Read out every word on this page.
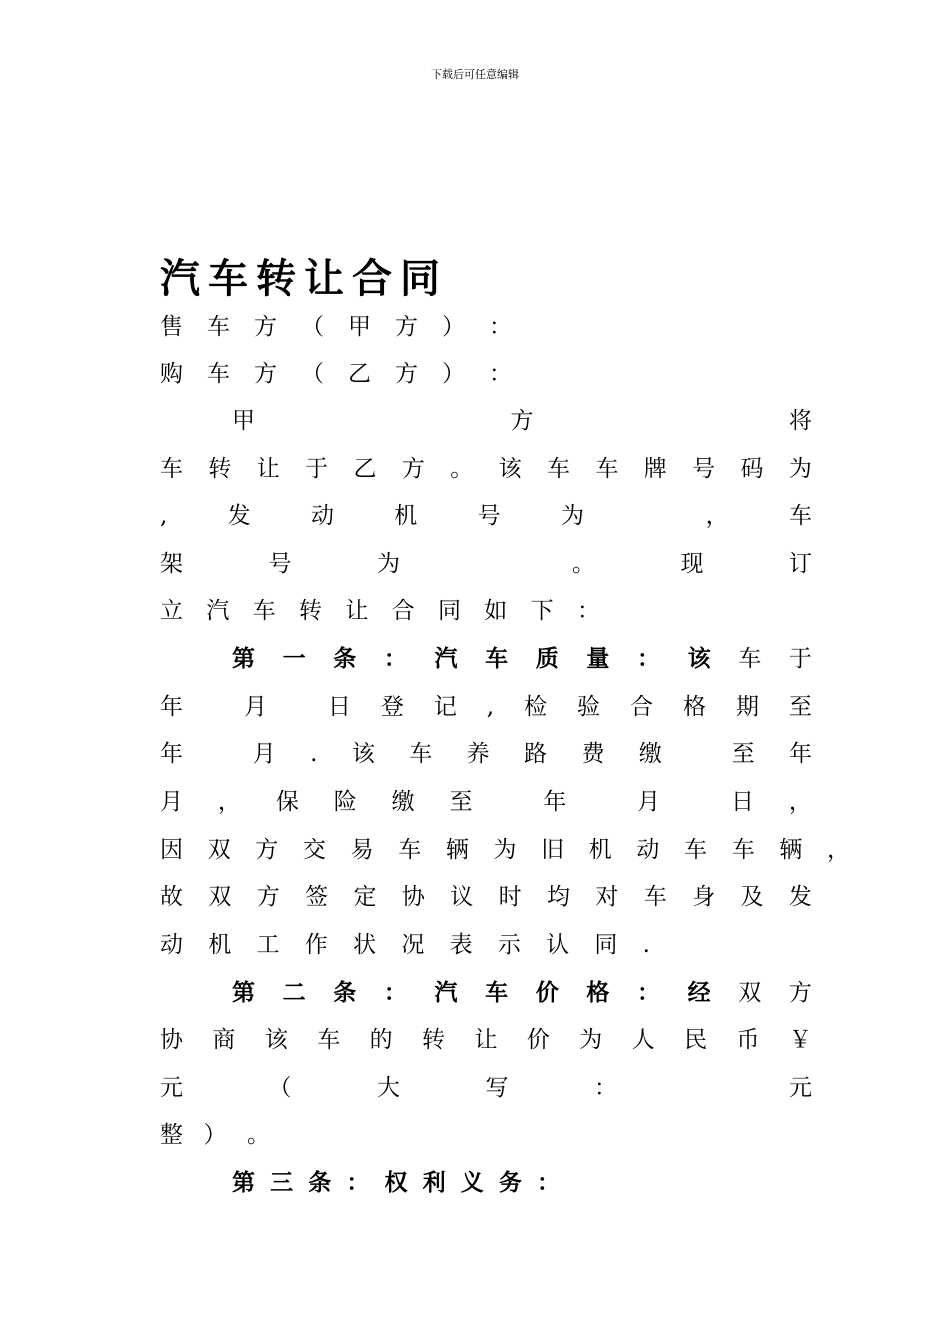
下载后可任意编辑
汽车转让合同
售 车 方 （ 甲 方 ） ：
购 车 方 （ 乙 方 ） ：
甲	方	将
车 转 让 于 乙 方 。 该 车 车 牌 号 码 为
,	发	动	机	号	为	，	车
架	号	为	。	现	订
立 汽 车 转 让 合 同 如 下 ：
第 一 条 ： 汽 车 质 量 ： 该 车 于
年	月	日 登 记 , 检 验 合 格 期 至
年	月 . 该 车 养 路 费 缴	至 年
月 ， 保 险 缴 至	年	月	日 ，
因 双 方 交 易 车 辆 为 旧 机 动 车 车 辆 ，
故 双 方 签 定 协 议 时 均 对 车 身 及 发
动 机 工 作 状 况 表 示 认 同 .
第 二 条 ： 汽 车 价 格 ： 经 双 方
协 商 该 车 的 转 让 价 为 人 民 币 ￥
元	（	大	写	：	元
整 ） 。
第 三 条 ： 权 利 义 务 ：
